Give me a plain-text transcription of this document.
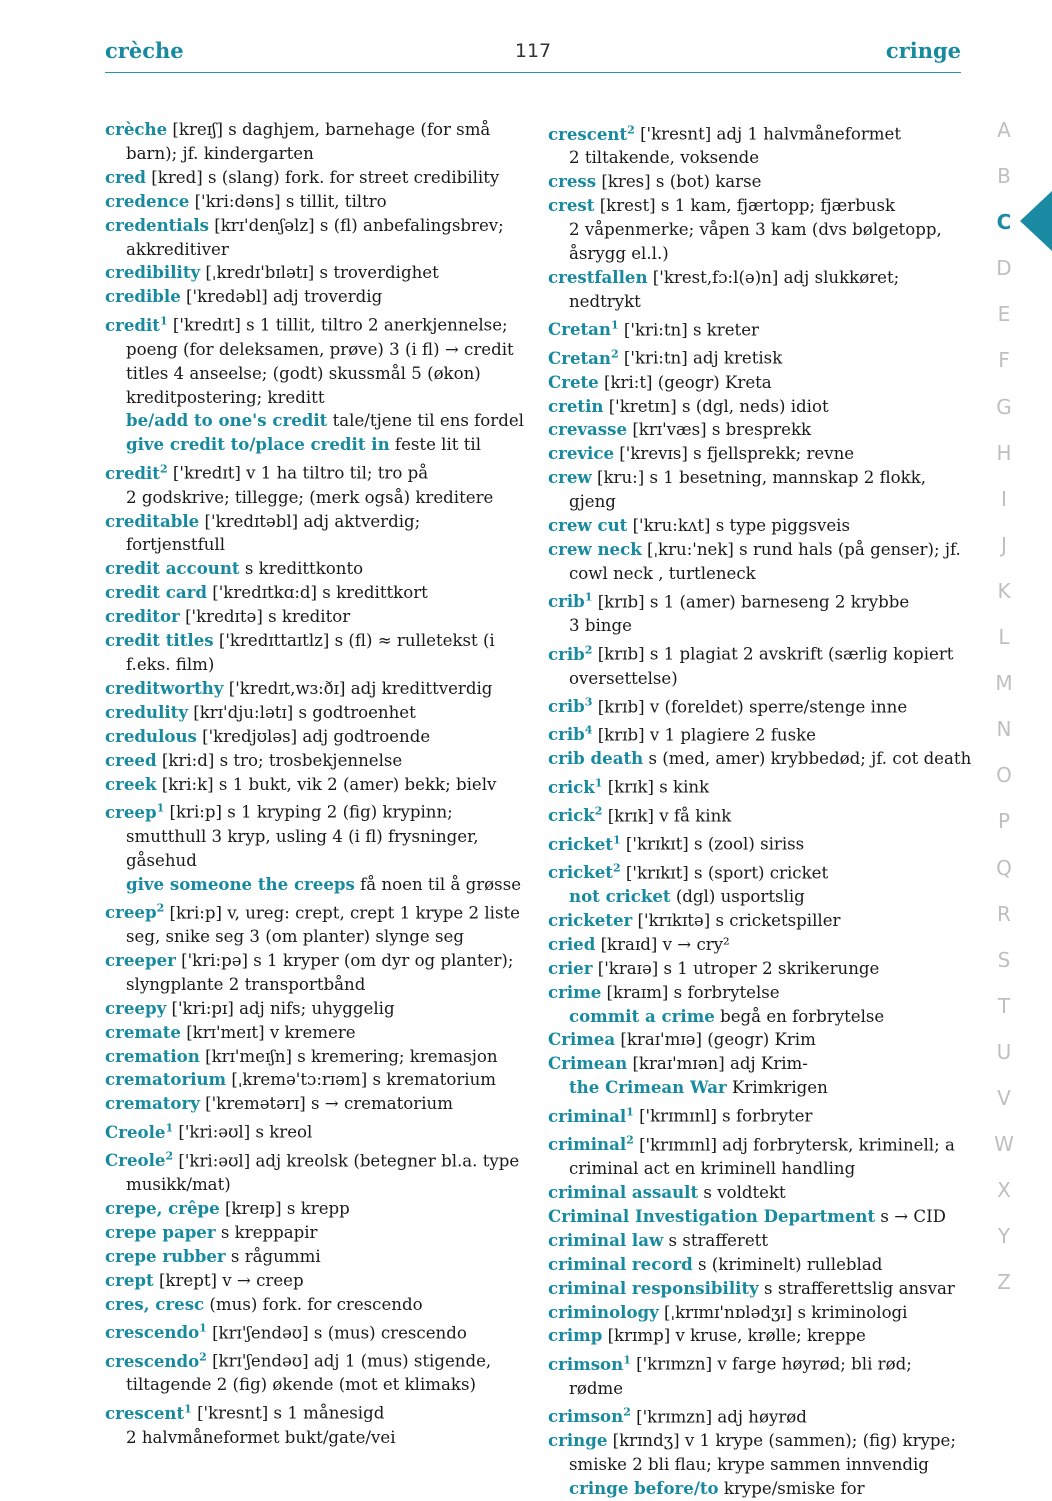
crèche	117	cringe
crèche [kreɪʃ] s daghjem, barnehage (for små
barn); jf. kindergarten
cred [kred] s (slang) fork. for street credibility
credence ['kri:dəns] s tillit, tiltro
credentials [krɪ'denʃəlz] s (fl) anbefalingsbrev;
akkreditiver
credibility [ˌkredɪ'bɪlətɪ] s troverdighet
credible ['kredəbl] adj troverdig
credit$^1$ ['kredɪt] s 1 tillit, tiltro 2 anerkjennelse;
poeng (for deleksamen, prøve) 3 (i fl) → credit
titles 4 anseelse; (godt) skussmål 5 (økon)
kreditpostering; kreditt
be/add to one's credit tale/tjene til ens fordel
give credit to/place credit in feste lit til
credit$^2$ ['kredɪt] v 1 ha tiltro til; tro på
2 godskrive; tillegge; (merk også) kreditere
creditable ['kredɪtəbl] adj aktverdig;
fortjenstfull
credit account s kredittkonto
credit card ['kredɪtkɑ:d] s kredittkort
creditor ['kredɪtə] s kreditor
credit titles ['kredɪttaɪtlz] s (fl) ≈ rulletekst (i
f.eks. film)
creditworthy ['kredɪt,wɜ:ðɪ] adj kredittverdig
credulity [krɪ'dju:lətɪ] s godtroenhet
credulous ['kredjʊləs] adj godtroende
creed [kri:d] s tro; trosbekjennelse
creek [kri:k] s 1 bukt, vik 2 (amer) bekk; bielv
creep$^1$ [kri:p] s 1 kryping 2 (fig) krypinn;
smutthull 3 kryp, usling 4 (i fl) frysninger,
gåsehud
give someone the creeps få noen til å grøsse
creep$^2$ [kri:p] v, ureg: crept, crept 1 krype 2 liste
seg, snike seg 3 (om planter) slynge seg
creeper ['kri:pə] s 1 kryper (om dyr og planter);
slyngplante 2 transportbånd
creepy ['kri:pɪ] adj nifs; uhyggelig
cremate [krɪ'meɪt] v kremere
cremation [krɪ'meɪʃn] s kremering; kremasjon
crematorium [ˌkremə'tɔ:rɪəm] s krematorium
crematory ['kremətərɪ] s → crematorium
Creole$^1$ ['kri:əʊl] s kreol
Creole$^2$ ['kri:əʊl] adj kreolsk (betegner bl.a. type
musikk/mat)
crepe, crêpe [kreɪp] s krepp
crepe paper s kreppapir
crepe rubber s rågummi
crept [krept] v → creep
cres, cresc (mus) fork. for crescendo
crescendo$^1$ [krɪ'ʃendəʊ] s (mus) crescendo
crescendo$^2$ [krɪ'ʃendəʊ] adj 1 (mus) stigende,
tiltagende 2 (fig) økende (mot et klimaks)
crescent$^1$ ['kresnt] s 1 månesigd
2 halvmåneformet bukt/gate/vei
crescent$^2$ ['kresnt] adj 1 halvmåneformet
2 tiltakende, voksende
cress [kres] s (bot) karse
crest [krest] s 1 kam, fjærtopp; fjærbusk
2 våpenmerke; våpen 3 kam (dvs bølgetopp,
åsrygg el.l.)
crestfallen ['krest,fɔ:l(ə)n] adj slukkøret;
nedtrykt
Cretan$^1$ ['kri:tn] s kreter
Cretan$^2$ ['kri:tn] adj kretisk
Crete [kri:t] (geogr) Kreta
cretin ['kretɪn] s (dgl, neds) idiot
crevasse [krɪ'væs] s bresprekk
crevice ['krevɪs] s fjellsprekk; revne
crew [kru:] s 1 besetning, mannskap 2 flokk,
gjeng
crew cut ['kru:kʌt] s type piggsveis
crew neck [ˌkru:'nek] s rund hals (på genser); jf.
cowl neck , turtleneck
crib$^1$ [krɪb] s 1 (amer) barneseng 2 krybbe
3 binge
crib$^2$ [krɪb] s 1 plagiat 2 avskrift (særlig kopiert
oversettelse)
crib$^3$ [krɪb] v (foreldet) sperre/stenge inne
crib$^4$ [krɪb] v 1 plagiere 2 fuske
crib death s (med, amer) krybbedød; jf. cot death
crick$^1$ [krɪk] s kink
crick$^2$ [krɪk] v få kink
cricket$^1$ ['krɪkɪt] s (zool) siriss
cricket$^2$ ['krɪkɪt] s (sport) cricket
not cricket (dgl) usportslig
cricketer ['krɪkɪtə] s cricketspiller
cried [kraɪd] v → cry²
crier ['kraɪə] s 1 utroper 2 skrikerunge
crime [kraɪm] s forbrytelse
commit a crime begå en forbrytelse
Crimea [kraɪ'mɪə] (geogr) Krim
Crimean [kraɪ'mɪən] adj Krim-
the Crimean War Krimkrigen
criminal$^1$ ['krɪmɪnl] s forbryter
criminal$^2$ ['krɪmɪnl] adj forbrytersk, kriminell; a
criminal act en kriminell handling
criminal assault s voldtekt
Criminal Investigation Department s → CID
criminal law s strafferett
criminal record s (kriminelt) rulleblad
criminal responsibility s strafferettslig ansvar
criminology [ˌkrɪmɪ'nɒlədʒɪ] s kriminologi
crimp [krɪmp] v kruse, krølle; kreppe
crimson$^1$ ['krɪmzn] v farge høyrød; bli rød;
rødme
crimson$^2$ ['krɪmzn] adj høyrød
cringe [krɪndʒ] v 1 krype (sammen); (fig) krype;
smiske 2 bli flau; krype sammen innvendig
cringe before/to krype/smiske for
A
B
C
D
E
F
G
H
I
J
K
L
M
N
O
P
Q
R
S
T
U
V
W
X
Y
Z
